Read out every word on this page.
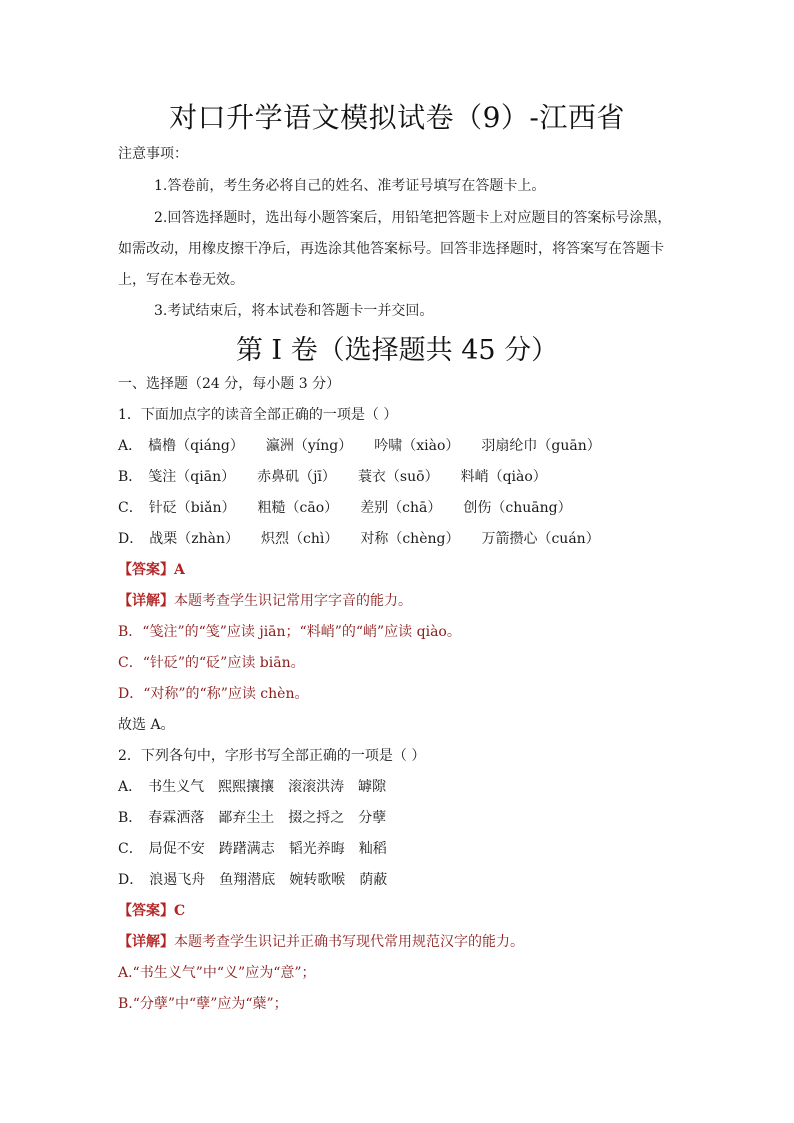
对口升学语文模拟试卷（9）-江西省
注意事项：
1.答卷前，考生务必将自己的姓名、准考证号填写在答题卡上。
2.回答选择题时，选出每小题答案后，用铅笔把答题卡上对应题目的答案标号涂黑，如需改动，用橡皮擦干净后，再选涂其他答案标号。回答非选择题时，将答案写在答题卡上，写在本卷无效。
3.考试结束后，将本试卷和答题卡一并交回。
第 I 卷（选择题共 45 分）
一、选择题（24 分，每小题 3 分）
1．下面加点字的读音全部正确的一项是（ ）
A． 樯橹（qiáng） 瀛洲（yíng） 吟啸（xiào） 羽扇纶巾（guān）
B． 笺注（qiān） 赤鼻矶（jī） 蓑衣（suō） 料峭（qiào）
C． 针砭（biǎn） 粗糙（cāo） 差别（chā） 创伤（chuāng）
D． 战栗（zhàn） 炽烈（chì） 对称（chèng） 万箭攒心（cuán）
【答案】A
【详解】本题考查学生识记常用字字音的能力。
B．“笺注”的“笺”应读 jiān；“料峭”的“峭”应读 qiào。
C．“针砭”的“砭”应读 biān。
D．“对称”的“称”应读 chèn。
故选 A。
2．下列各句中，字形书写全部正确的一项是（ ）
A． 书生义气 熙熙攘攘 滚滚洪涛 罅隙
B． 春霖洒落 鄙弃尘土 掇之捋之 分孽
C． 局促不安 踌躇满志 韬光养晦 籼稻
D． 浪遏飞舟 鱼翔潜底 婉转歌喉 荫蔽
【答案】C
【详解】本题考查学生识记并正确书写现代常用规范汉字的能力。
A.“书生义气”中“义”应为“意”；
B.“分孽”中“孽”应为“蘖”；
